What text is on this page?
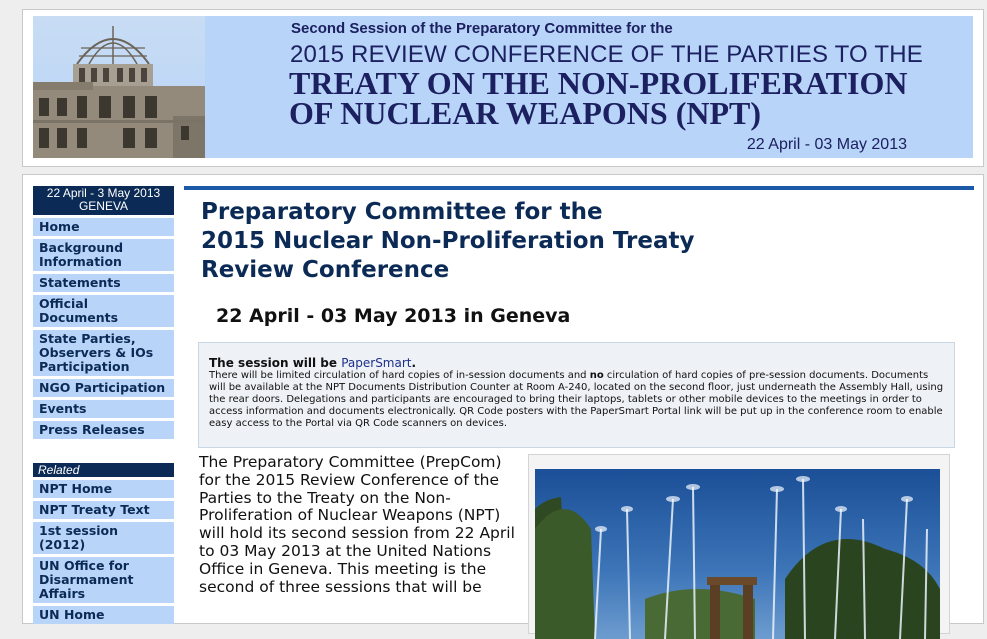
Second Session of the Preparatory Committee for the
2015 REVIEW CONFERENCE OF THE PARTIES TO THE
TREATY ON THE NON-PROLIFERATION
OF NUCLEAR WEAPONS (NPT)
22 April - 03 May 2013
22 April - 3 May 2013
GENEVA
Home
Background Information
Statements
Official Documents
State Parties, Observers & IOs Participation
NGO Participation
Events
Press Releases
Related
NPT Home
NPT Treaty Text
1st session (2012)
UN Office for Disarmament Affairs
UN Home
Preparatory Committee for the
2015 Nuclear Non-Proliferation Treaty
Review Conference
22 April - 03 May 2013 in Geneva
The session will be PaperSmart.
There will be limited circulation of hard copies of in-session documents and no circulation of hard copies of pre-session documents. Documents will be available at the NPT Documents Distribution Counter at Room A-240, located on the second floor, just underneath the Assembly Hall, using the rear doors. Delegations and participants are encouraged to bring their laptops, tablets or other mobile devices to the meetings in order to access information and documents electronically. QR Code posters with the PaperSmart Portal link will be put up in the conference room to enable easy access to the Portal via QR Code scanners on devices.
The Preparatory Committee (PrepCom) for the 2015 Review Conference of the Parties to the Treaty on the Non-Proliferation of Nuclear Weapons (NPT) will hold its second session from 22 April to 03 May 2013 at the United Nations Office in Geneva. This meeting is the second of three sessions that will be
